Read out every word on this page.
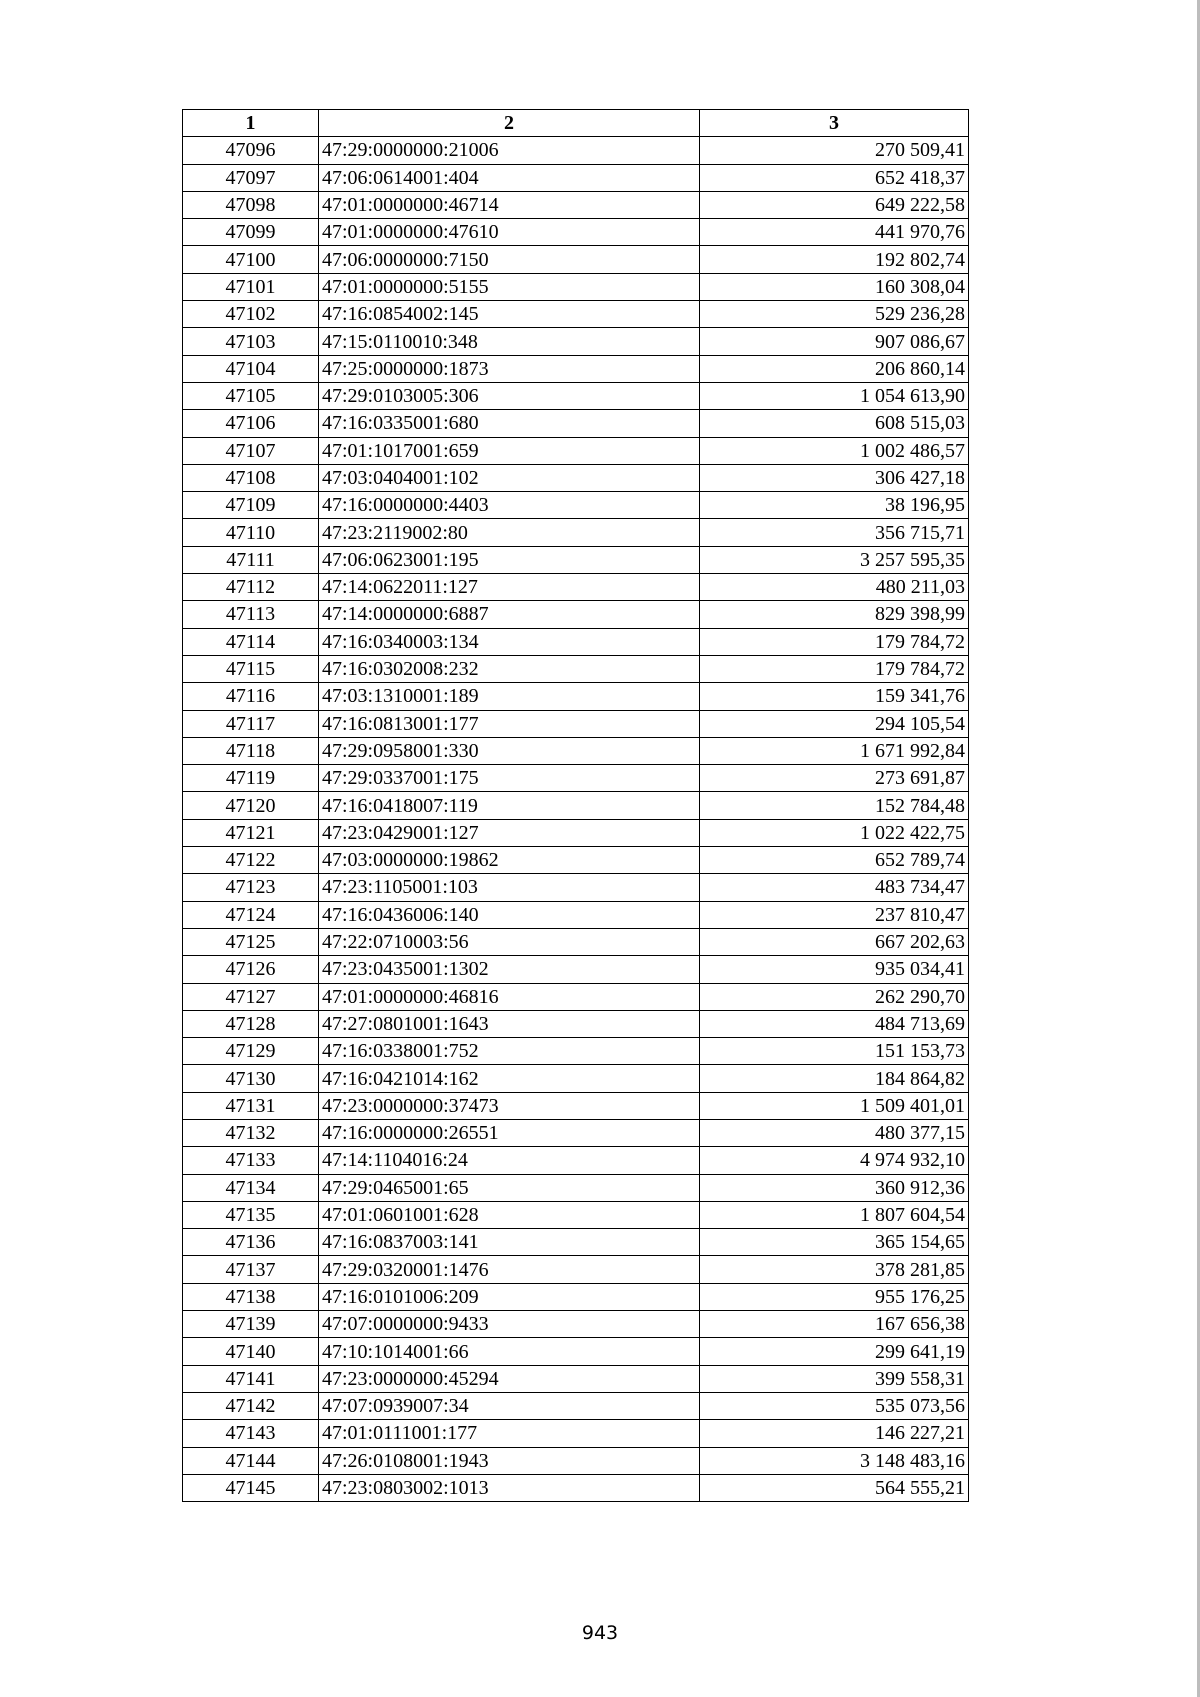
1	2	3
47096	47:29:0000000:21006	270 509,41
47097	47:06:0614001:404	652 418,37
47098	47:01:0000000:46714	649 222,58
47099	47:01:0000000:47610	441 970,76
47100	47:06:0000000:7150	192 802,74
47101	47:01:0000000:5155	160 308,04
47102	47:16:0854002:145	529 236,28
47103	47:15:0110010:348	907 086,67
47104	47:25:0000000:1873	206 860,14
47105	47:29:0103005:306	1 054 613,90
47106	47:16:0335001:680	608 515,03
47107	47:01:1017001:659	1 002 486,57
47108	47:03:0404001:102	306 427,18
47109	47:16:0000000:4403	38 196,95
47110	47:23:2119002:80	356 715,71
47111	47:06:0623001:195	3 257 595,35
47112	47:14:0622011:127	480 211,03
47113	47:14:0000000:6887	829 398,99
47114	47:16:0340003:134	179 784,72
47115	47:16:0302008:232	179 784,72
47116	47:03:1310001:189	159 341,76
47117	47:16:0813001:177	294 105,54
47118	47:29:0958001:330	1 671 992,84
47119	47:29:0337001:175	273 691,87
47120	47:16:0418007:119	152 784,48
47121	47:23:0429001:127	1 022 422,75
47122	47:03:0000000:19862	652 789,74
47123	47:23:1105001:103	483 734,47
47124	47:16:0436006:140	237 810,47
47125	47:22:0710003:56	667 202,63
47126	47:23:0435001:1302	935 034,41
47127	47:01:0000000:46816	262 290,70
47128	47:27:0801001:1643	484 713,69
47129	47:16:0338001:752	151 153,73
47130	47:16:0421014:162	184 864,82
47131	47:23:0000000:37473	1 509 401,01
47132	47:16:0000000:26551	480 377,15
47133	47:14:1104016:24	4 974 932,10
47134	47:29:0465001:65	360 912,36
47135	47:01:0601001:628	1 807 604,54
47136	47:16:0837003:141	365 154,65
47137	47:29:0320001:1476	378 281,85
47138	47:16:0101006:209	955 176,25
47139	47:07:0000000:9433	167 656,38
47140	47:10:1014001:66	299 641,19
47141	47:23:0000000:45294	399 558,31
47142	47:07:0939007:34	535 073,56
47143	47:01:0111001:177	146 227,21
47144	47:26:0108001:1943	3 148 483,16
47145	47:23:0803002:1013	564 555,21
943
